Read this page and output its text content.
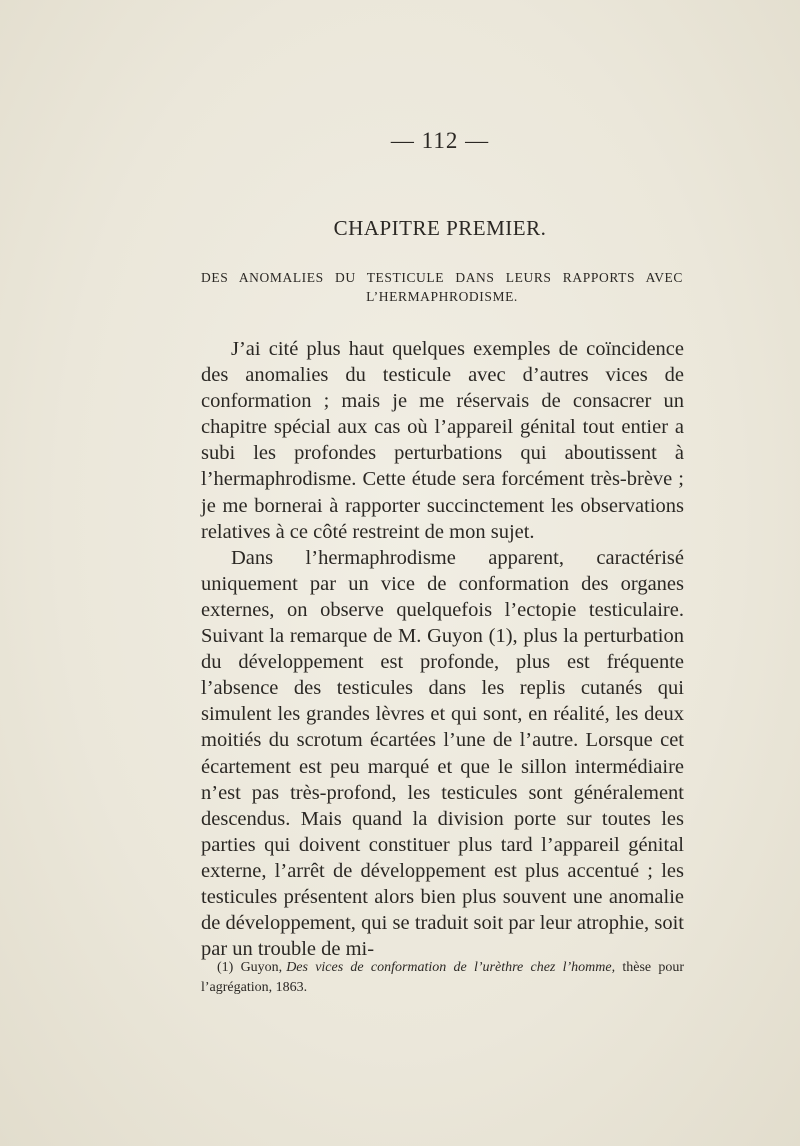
— 112 —
CHAPITRE PREMIER.
DES ANOMALIES DU TESTICULE DANS LEURS RAPPORTS AVEC L’HERMAPHRODISME.

J’ai cité plus haut quelques exemples de coïncidence des anomalies du testicule avec d’autres vices de conformation ; mais je me réservais de consacrer un chapitre spécial aux cas où l’appareil génital tout entier a subi les profondes perturbations qui aboutissent à l’hermaphrodisme. Cette étude sera forcément très-brève ; je me bornerai à rapporter succinctement les observations relatives à ce côté restreint de mon sujet.

Dans l’hermaphrodisme apparent, caractérisé uniquement par un vice de conformation des organes externes, on observe quelquefois l’ectopie testiculaire. Suivant la remarque de M. Guyon (1), plus la perturbation du développement est profonde, plus est fréquente l’absence des testicules dans les replis cutanés qui simulent les grandes lèvres et qui sont, en réalité, les deux moitiés du scrotum écartées l’une de l’autre. Lorsque cet écartement est peu marqué et que le sillon intermédiaire n’est pas très-profond, les testicules sont généralement descendus. Mais quand la division porte sur toutes les parties qui doivent constituer plus tard l’appareil génital externe, l’arrêt de développement est plus accentué ; les testicules présentent alors bien plus souvent une anomalie de développement, qui se traduit soit par leur atrophie, soit par un trouble de mi-

(1) Guyon, Des vices de conformation de l’urèthre chez l’homme, thèse pour l’agrégation, 1863.
